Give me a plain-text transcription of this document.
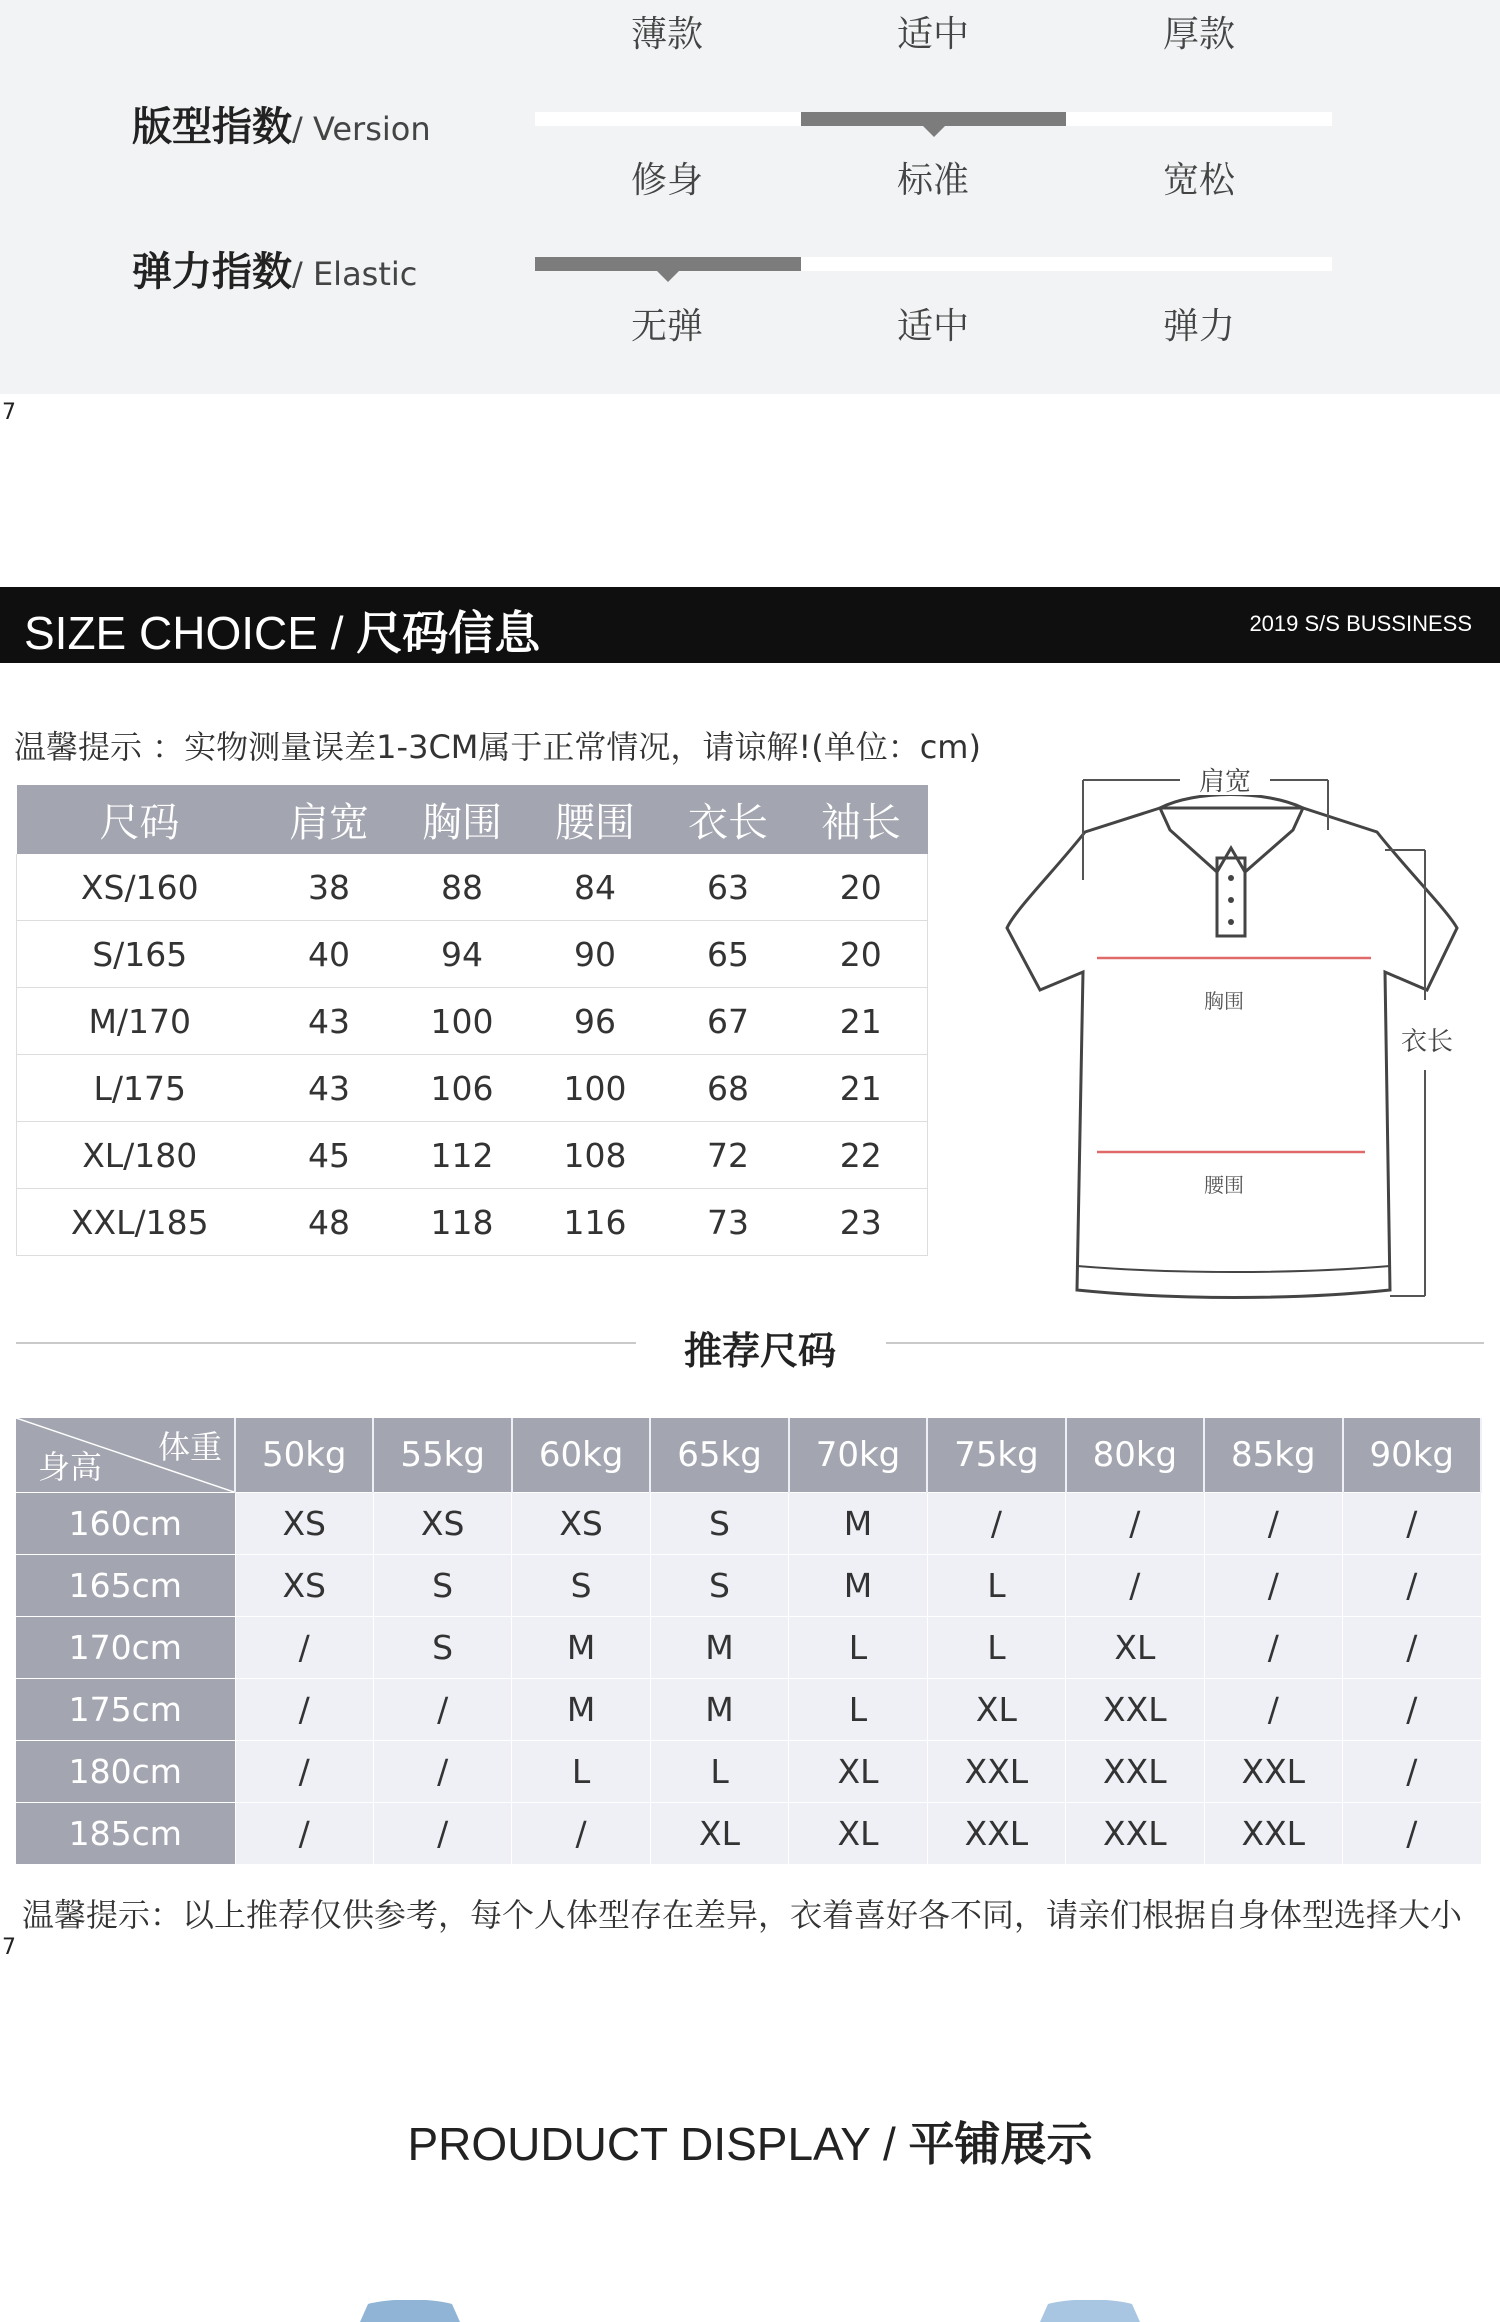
薄款	适中	厚款
版型指数/ Version
修身	标准	宽松
弹力指数/ Elastic
无弹	适中	弹力
7
SIZE CHOICE / 尺码信息	2019 S/S BUSSINESS
温馨提示 ：实物测量误差1-3CM属于正常情况，请谅解!(单位：cm)
尺码	肩宽	胸围	腰围	衣长	袖长
XS/160	38	88	84	63	20
S/165	40	94	90	65	20
M/170	43	100	96	67	21
L/175	43	106	100	68	21
XL/180	45	112	108	72	22
XXL/185	48	118	116	73	23
肩宽
胸围
腰围
衣长
推荐尺码
体重
身高	50kg	55kg	60kg	65kg	70kg	75kg	80kg	85kg	90kg
160cm	XS	XS	XS	S	M	/	/	/	/
165cm	XS	S	S	S	M	L	/	/	/
170cm	/	S	M	M	L	L	XL	/	/
175cm	/	/	M	M	L	XL	XXL	/	/
180cm	/	/	L	L	XL	XXL	XXL	XXL	/
185cm	/	/	/	XL	XL	XXL	XXL	XXL	/
温馨提示：以上推荐仅供参考，每个人体型存在差异，衣着喜好各不同，请亲们根据自身体型选择大小
7
PROUDUCT DISPLAY / 平铺展示
